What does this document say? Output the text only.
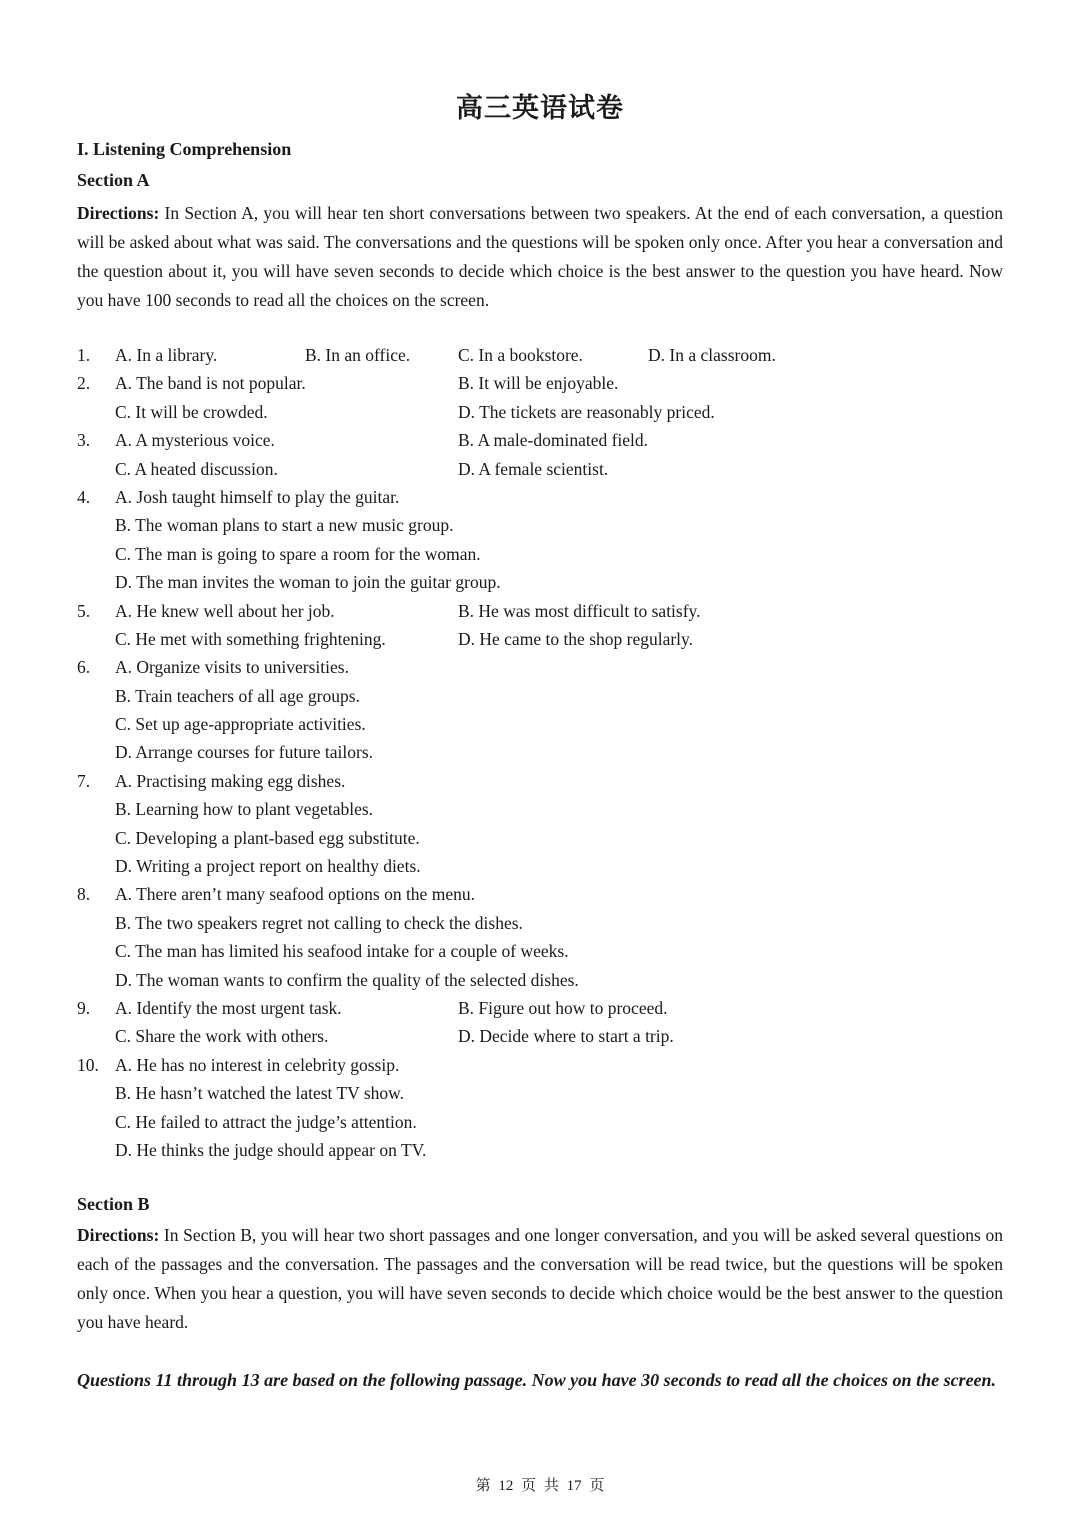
高三英语试卷
I. Listening Comprehension
Section A
Directions: In Section A, you will hear ten short conversations between two speakers. At the end of each conversation, a question will be asked about what was said. The conversations and the questions will be spoken only once. After you hear a conversation and the question about it, you will have seven seconds to decide which choice is the best answer to the question you have heard. Now you have 100 seconds to read all the choices on the screen.
1. A. In a library.	B. In an office.	C. In a bookstore.	D. In a classroom.
2. A. The band is not popular.	B. It will be enjoyable.
C. It will be crowded.	D. The tickets are reasonably priced.
3. A. A mysterious voice.	B. A male-dominated field.
C. A heated discussion.	D. A female scientist.
4. A. Josh taught himself to play the guitar.
B. The woman plans to start a new music group.
C. The man is going to spare a room for the woman.
D. The man invites the woman to join the guitar group.
5. A. He knew well about her job.	B. He was most difficult to satisfy.
C. He met with something frightening.	D. He came to the shop regularly.
6. A. Organize visits to universities.
B. Train teachers of all age groups.
C. Set up age-appropriate activities.
D. Arrange courses for future tailors.
7. A. Practising making egg dishes.
B. Learning how to plant vegetables.
C. Developing a plant-based egg substitute.
D. Writing a project report on healthy diets.
8. A. There aren’t many seafood options on the menu.
B. The two speakers regret not calling to check the dishes.
C. The man has limited his seafood intake for a couple of weeks.
D. The woman wants to confirm the quality of the selected dishes.
9. A. Identify the most urgent task.	B. Figure out how to proceed.
C. Share the work with others.	D. Decide where to start a trip.
10. A. He has no interest in celebrity gossip.
B. He hasn’t watched the latest TV show.
C. He failed to attract the judge’s attention.
D. He thinks the judge should appear on TV.
Section B
Directions: In Section B, you will hear two short passages and one longer conversation, and you will be asked several questions on each of the passages and the conversation. The passages and the conversation will be read twice, but the questions will be spoken only once. When you hear a question, you will have seven seconds to decide which choice would be the best answer to the question you have heard.
Questions 11 through 13 are based on the following passage. Now you have 30 seconds to read all the choices on the screen.
第 12 页 共 17 页
